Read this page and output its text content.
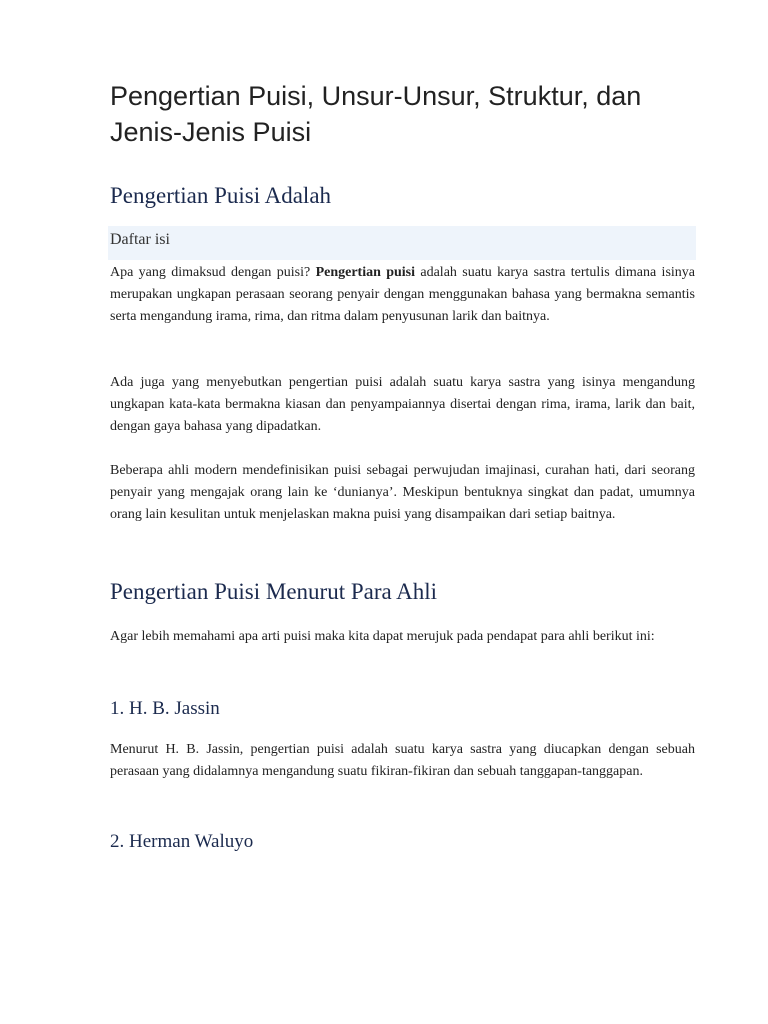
Pengertian Puisi, Unsur-Unsur, Struktur, dan Jenis-Jenis Puisi
Pengertian Puisi Adalah
Daftar isi

Apa yang dimaksud dengan puisi? Pengertian puisi adalah suatu karya sastra tertulis dimana isinya merupakan ungkapan perasaan seorang penyair dengan menggunakan bahasa yang bermakna semantis serta mengandung irama, rima, dan ritma dalam penyusunan larik dan baitnya.

Ada juga yang menyebutkan pengertian puisi adalah suatu karya sastra yang isinya mengandung ungkapan kata-kata bermakna kiasan dan penyampaiannya disertai dengan rima, irama, larik dan bait, dengan gaya bahasa yang dipadatkan.

Beberapa ahli modern mendefinisikan puisi sebagai perwujudan imajinasi, curahan hati, dari seorang penyair yang mengajak orang lain ke ‘dunianya’. Meskipun bentuknya singkat dan padat, umumnya orang lain kesulitan untuk menjelaskan makna puisi yang disampaikan dari setiap baitnya.

Pengertian Puisi Menurut Para Ahli

Agar lebih memahami apa arti puisi maka kita dapat merujuk pada pendapat para ahli berikut ini:

1. H. B. Jassin

Menurut H. B. Jassin, pengertian puisi adalah suatu karya sastra yang diucapkan dengan sebuah perasaan yang didalamnya mengandung suatu fikiran-fikiran dan sebuah tanggapan-tanggapan.

2. Herman Waluyo
